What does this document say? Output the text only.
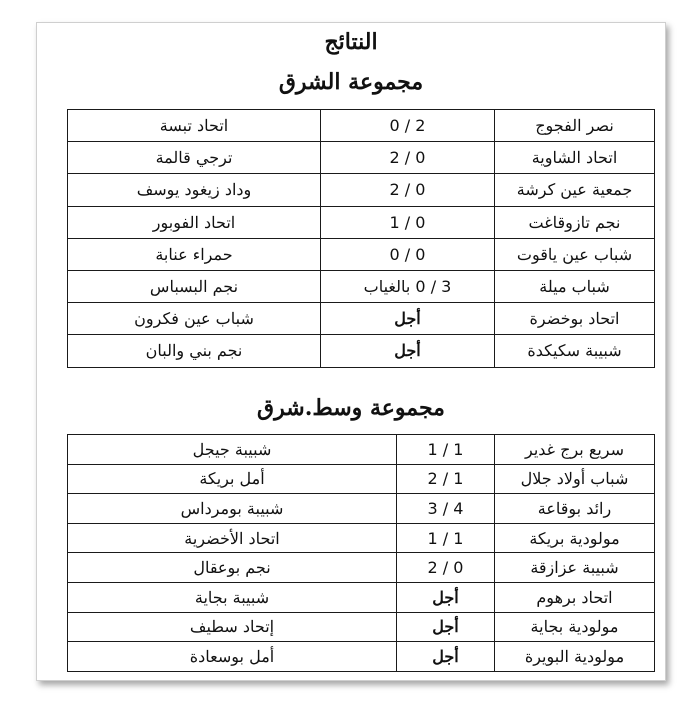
النتائج
مجموعة الشرق
نصر الفجوج	2 / 0	اتحاد تبسة
اتحاد الشاوية	0 / 2	ترجي قالمة
جمعية عين كرشة	0 / 2	وداد زيغود يوسف
نجم تازوقاغت	0 / 1	اتحاد الفوبور
شباب عين ياقوت	0 / 0	حمراء عنابة
شباب ميلة	3 / 0 بالغياب	نجم البسباس
اتحاد بوخضرة	أجل	شباب عين فكرون
شبيبة سكيكدة	أجل	نجم بني والبان
مجموعة وسط.شرق
سريع برج غدير	1 / 1	شبيبة جيجل
شباب أولاد جلال	1 / 2	أمل بريكة
رائد بوقاعة	4 / 3	شبيبة بومرداس
مولودية بريكة	1 / 1	اتحاد الأخضرية
شبيبة عزازقة	0 / 2	نجم بوعقال
اتحاد برهوم	أجل	شبيبة بجاية
مولودية بجاية	أجل	إتحاد سطيف
مولودية البويرة	أجل	أمل بوسعادة
